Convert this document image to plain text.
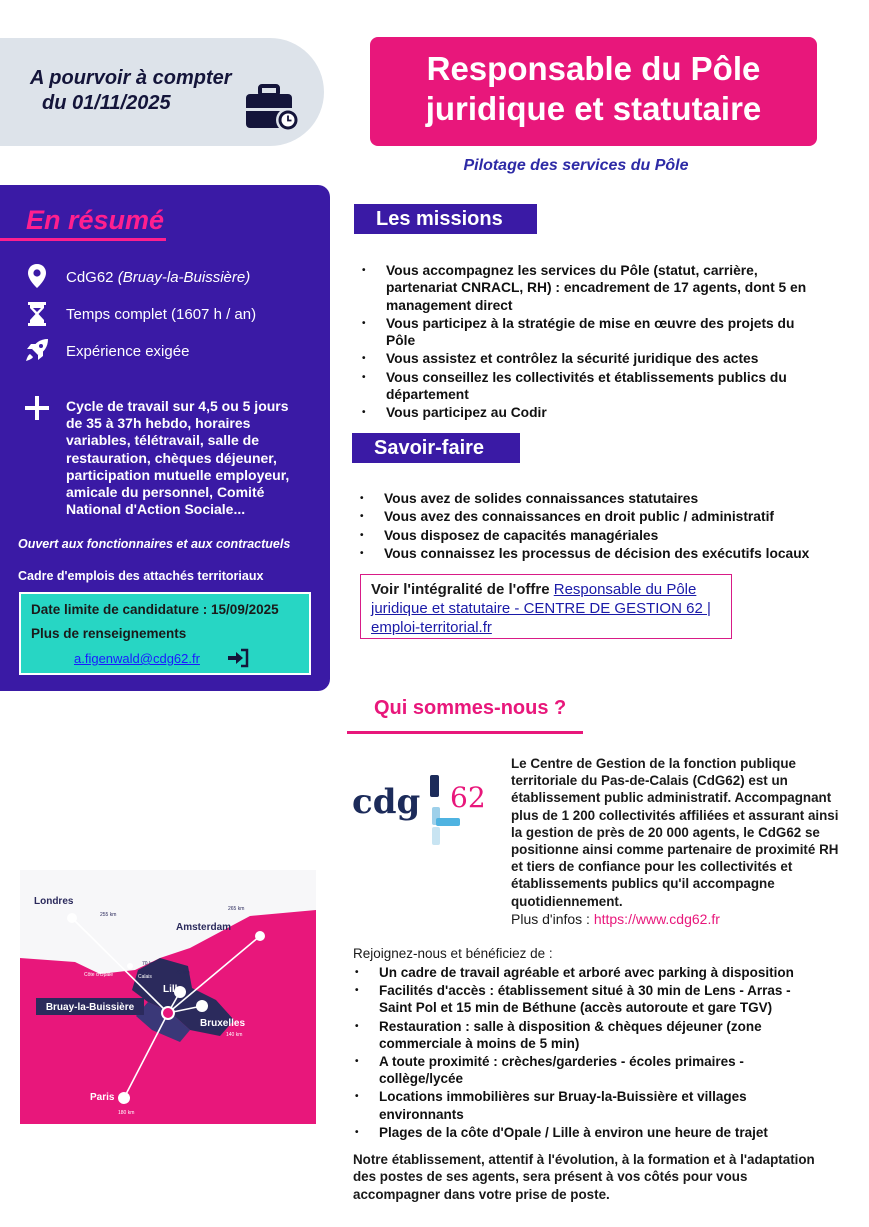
A pourvoir à compter
du 01/11/2025
Responsable du Pôle
juridique et statutaire
Pilotage des services du Pôle
En résumé
CdG62 (Bruay-la-Buissière)
Temps complet (1607 h / an)
Expérience exigée
Cycle de travail sur 4,5 ou 5 jours de 35 à 37h hebdo, horaires variables, télétravail, salle de restauration, chèques déjeuner, participation mutuelle employeur, amicale du personnel, Comité National d'Action Sociale...
Ouvert aux fonctionnaires et aux contractuels
Cadre d'emplois des attachés territoriaux
Date limite de candidature : 15/09/2025
Plus de renseignements
a.figenwald@cdg62.fr
Les missions
• Vous accompagnez les services du Pôle (statut, carrière, partenariat CNRACL, RH) : encadrement de 17 agents, dont 5 en management direct
• Vous participez à la stratégie de mise en œuvre des projets du Pôle
• Vous assistez et contrôlez la sécurité juridique des actes
• Vous conseillez les collectivités et établissements publics du département
• Vous participez au Codir
Savoir-faire
• Vous avez de solides connaissances statutaires
• Vous avez des connaissances en droit public / administratif
• Vous disposez de capacités managériales
• Vous connaissez les processus de décision des exécutifs locaux
Voir l'intégralité de l'offre Responsable du Pôle juridique et statutaire - CENTRE DE GESTION 62 | emploi-territorial.fr
Qui sommes-nous ?
cdg 62
Le Centre de Gestion de la fonction publique territoriale du Pas-de-Calais (CdG62) est un établissement public administratif. Accompagnant plus de 1 200 collectivités affiliées et assurant ainsi la gestion de près de 20 000 agents, le CdG62 se positionne ainsi comme partenaire de proximité RH et tiers de confiance pour les collectivités et établissements publics qu'il accompagne quotidiennement.
Plus d'infos : https://www.cdg62.fr
Rejoignez-nous et bénéficiez de :
• Un cadre de travail agréable et arboré avec parking à disposition
• Facilités d'accès : établissement situé à 30 min de Lens - Arras - Saint Pol et 15 min de Béthune (accès autoroute et gare TGV)
• Restauration : salle à disposition & chèques déjeuner (zone commerciale à moins de 5 min)
• A toute proximité : crèches/garderies - écoles primaires - collège/lycée
• Locations immobilières sur Bruay-la-Buissière et villages environnants
• Plages de la côte d'Opale / Lille à environ une heure de trajet
Notre établissement, attentif à l'évolution, à la formation et à l'adaptation des postes de ses agents, sera présent à vos côtés pour vous accompagner dans votre prise de poste.
Londres
Amsterdam
Lille
Bruxelles
Paris
Bruay-la-Buissière
Côte d'Opale	Calais
255 km
265 km
70 km
40 km
140 km
180 km
